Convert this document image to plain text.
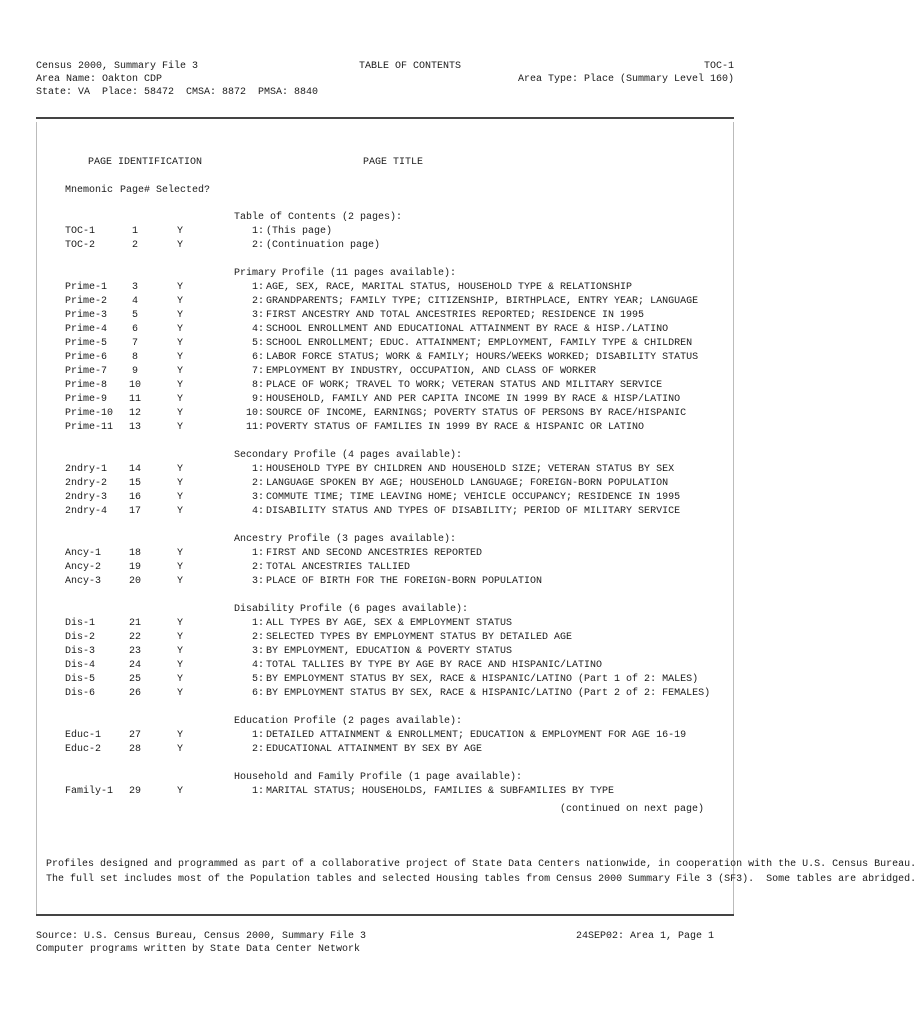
Census 2000, Summary File 3
Area Name: Oakton CDP
State: VA  Place: 58472  CMSA: 8872  PMSA: 8840
TABLE OF CONTENTS	TOC-1
Area Type: Place (Summary Level 160)
PAGE IDENTIFICATION	PAGE TITLE
Mnemonic Page# Selected?
Table of Contents (2 pages):
TOC-1	1	Y	1: (This page)
TOC-2	2	Y	2: (Continuation page)
Primary Profile (11 pages available):
Prime-1	3	Y	1: AGE, SEX, RACE, MARITAL STATUS, HOUSEHOLD TYPE & RELATIONSHIP
Prime-2	4	Y	2: GRANDPARENTS; FAMILY TYPE; CITIZENSHIP, BIRTHPLACE, ENTRY YEAR; LANGUAGE
Prime-3	5	Y	3: FIRST ANCESTRY AND TOTAL ANCESTRIES REPORTED; RESIDENCE IN 1995
Prime-4	6	Y	4: SCHOOL ENROLLMENT AND EDUCATIONAL ATTAINMENT BY RACE & HISP./LATINO
Prime-5	7	Y	5: SCHOOL ENROLLMENT; EDUC. ATTAINMENT; EMPLOYMENT, FAMILY TYPE & CHILDREN
Prime-6	8	Y	6: LABOR FORCE STATUS; WORK & FAMILY; HOURS/WEEKS WORKED; DISABILITY STATUS
Prime-7	9	Y	7: EMPLOYMENT BY INDUSTRY, OCCUPATION, AND CLASS OF WORKER
Prime-8	10	Y	8: PLACE OF WORK; TRAVEL TO WORK; VETERAN STATUS AND MILITARY SERVICE
Prime-9	11	Y	9: HOUSEHOLD, FAMILY AND PER CAPITA INCOME IN 1999 BY RACE & HISP/LATINO
Prime-10	12	Y	10: SOURCE OF INCOME, EARNINGS; POVERTY STATUS OF PERSONS BY RACE/HISPANIC
Prime-11	13	Y	11: POVERTY STATUS OF FAMILIES IN 1999 BY RACE & HISPANIC OR LATINO
Secondary Profile (4 pages available):
2ndry-1	14	Y	1: HOUSEHOLD TYPE BY CHILDREN AND HOUSEHOLD SIZE; VETERAN STATUS BY SEX
2ndry-2	15	Y	2: LANGUAGE SPOKEN BY AGE; HOUSEHOLD LANGUAGE; FOREIGN-BORN POPULATION
2ndry-3	16	Y	3: COMMUTE TIME; TIME LEAVING HOME; VEHICLE OCCUPANCY; RESIDENCE IN 1995
2ndry-4	17	Y	4: DISABILITY STATUS AND TYPES OF DISABILITY; PERIOD OF MILITARY SERVICE
Ancestry Profile (3 pages available):
Ancy-1	18	Y	1: FIRST AND SECOND ANCESTRIES REPORTED
Ancy-2	19	Y	2: TOTAL ANCESTRIES TALLIED
Ancy-3	20	Y	3: PLACE OF BIRTH FOR THE FOREIGN-BORN POPULATION
Disability Profile (6 pages available):
Dis-1	21	Y	1: ALL TYPES BY AGE, SEX & EMPLOYMENT STATUS
Dis-2	22	Y	2: SELECTED TYPES BY EMPLOYMENT STATUS BY DETAILED AGE
Dis-3	23	Y	3: BY EMPLOYMENT, EDUCATION & POVERTY STATUS
Dis-4	24	Y	4: TOTAL TALLIES BY TYPE BY AGE BY RACE AND HISPANIC/LATINO
Dis-5	25	Y	5: BY EMPLOYMENT STATUS BY SEX, RACE & HISPANIC/LATINO (Part 1 of 2: MALES)
Dis-6	26	Y	6: BY EMPLOYMENT STATUS BY SEX, RACE & HISPANIC/LATINO (Part 2 of 2: FEMALES)
Education Profile (2 pages available):
Educ-1	27	Y	1: DETAILED ATTAINMENT & ENROLLMENT; EDUCATION & EMPLOYMENT FOR AGE 16-19
Educ-2	28	Y	2: EDUCATIONAL ATTAINMENT BY SEX BY AGE
Household and Family Profile (1 page available):
Family-1	29	Y	1: MARITAL STATUS; HOUSEHOLDS, FAMILIES & SUBFAMILIES BY TYPE
(continued on next page)
Profiles designed and programmed as part of a collaborative project of State Data Centers nationwide, in cooperation with the U.S. Census Bureau.
The full set includes most of the Population tables and selected Housing tables from Census 2000 Summary File 3 (SF3).  Some tables are abridged.
Source: U.S. Census Bureau, Census 2000, Summary File 3
Computer programs written by State Data Center Network
24SEP02: Area 1, Page 1
